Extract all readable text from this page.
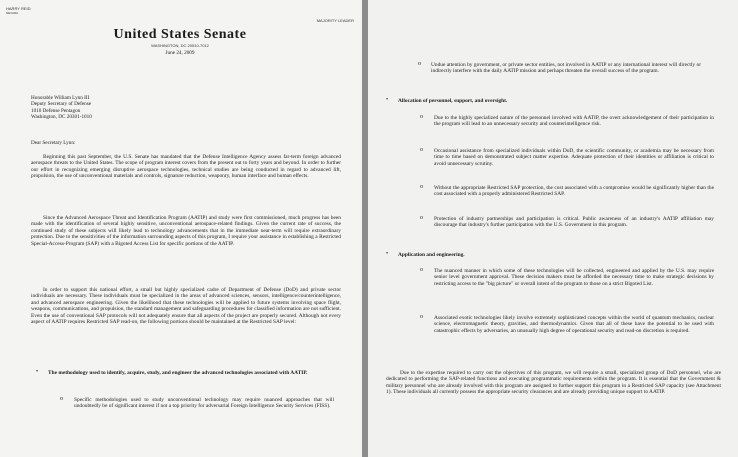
HARRY REID
NEVADA
MAJORITY LEADER
United States Senate
WASHINGTON, DC 20510-7012
June 24, 2009
Honorable William Lynn III
Deputy Secretary of Defense
1010 Defense Pentagon
Washington, DC 20301-1010
Dear Secretary Lynn:

Beginning this past September, the U.S. Senate has mandated that the Defense Intelligence Agency assess far-term foreign advanced aerospace threats to the United States. The scope of program interest covers from the present out to forty years and beyond. In order to further our effort in recognizing emerging disruptive aerospace technologies, technical studies are being conducted in regard to advanced lift, propulsion, the use of unconventional materials and controls, signature reduction, weaponry, human interface and human effects.

Since the Advanced Aerospace Threat and Identification Program (AATIP) and study were first commissioned, much progress has been made with the identification of several highly sensitive, unconventional aerospace-related findings. Given the current rate of success, the continued study of these subjects will likely lead to technology advancements that in the immediate near-term will require extraordinary protection. Due to the sensitivities of the information surrounding aspects of this program, I require your assistance in establishing a Restricted Special-Access-Program (SAP) with a Bigoted Access List for specific portions of the AATIP.

In order to support this national effort, a small but highly specialized cadre of Department of Defense (DoD) and private sector individuals are necessary. These individuals must be specialized in the areas of advanced sciences, sensors, intelligence/counterintelligence, and advanced aerospace engineering. Given the likelihood that these technologies will be applied to future systems involving space flight, weapons, communications, and propulsion, the standard management and safeguarding procedures for classified information are not sufficient. Even the use of conventional SAP protocols will not adequately ensure that all aspects of the project are properly secured. Although not every aspect of AATIP requires Restricted SAP read-on, the following portions should be maintained at the Restricted SAP level:

• The methodology used to identify, acquire, study, and engineer the advanced technologies associated with AATIP.

o Specific methodologies used to study unconventional technology may require nuanced approaches that will undoubtedly be of significant interest if not a top priority for adversarial Foreign Intelligence Security Services (FISS).

o Undue attention by government, or private sector entities, not involved in AATIP or any international interest will directly or indirectly interfere with the daily AATIP mission and perhaps threaten the overall success of the program.

• Allocation of personnel, support, and oversight.

o Due to the highly specialized nature of the personnel involved with AATIP, the overt acknowledgement of their participation in the program will lead to an unnecessary security and counterintelligence risk.

o Occasional assistance from specialized individuals within DoD, the scientific community, or academia may be necessary from time to time based on demonstrated subject matter expertise. Adequate protection of their identities or affiliation is critical to avoid unnecessary scrutiny.

o Without the appropriate Restricted SAP protection, the cost associated with a compromise would be significantly higher than the cost associated with a properly administered Restricted SAP.

o Protection of industry partnerships and participation is critical. Public awareness of an industry's AATIP affiliation may discourage that industry's further participation with the U.S. Government in this program.

• Application and engineering.

o The nuanced manner in which some of these technologies will be collected, engineered and applied by the U.S. may require senior level government approval. These decision makers must be afforded the necessary time to make strategic decisions by restricting access to the "big picture" or overall intent of the program to those on a strict Bigoted List.

o Associated exotic technologies likely involve extremely sophisticated concepts within the world of quantum mechanics, nuclear science, electromagnetic theory, gravities, and thermodynamics. Given that all of these have the potential to be used with catastrophic effects by adversaries, an unusually high degree of operational security and read-on discretion is required.

Due to the expertise required to carry out the objectives of this program, we will require a small, specialized group of DoD personnel, who are dedicated to performing the SAP-related functions and executing programmatic requirements within the program. It is essential that the Government & military personnel who are already involved with this program are assigned to further support this program in a Restricted SAP capacity (see Attachment 1). These individuals all currently possess the appropriate security clearances and are already providing unique support to AATIP.
